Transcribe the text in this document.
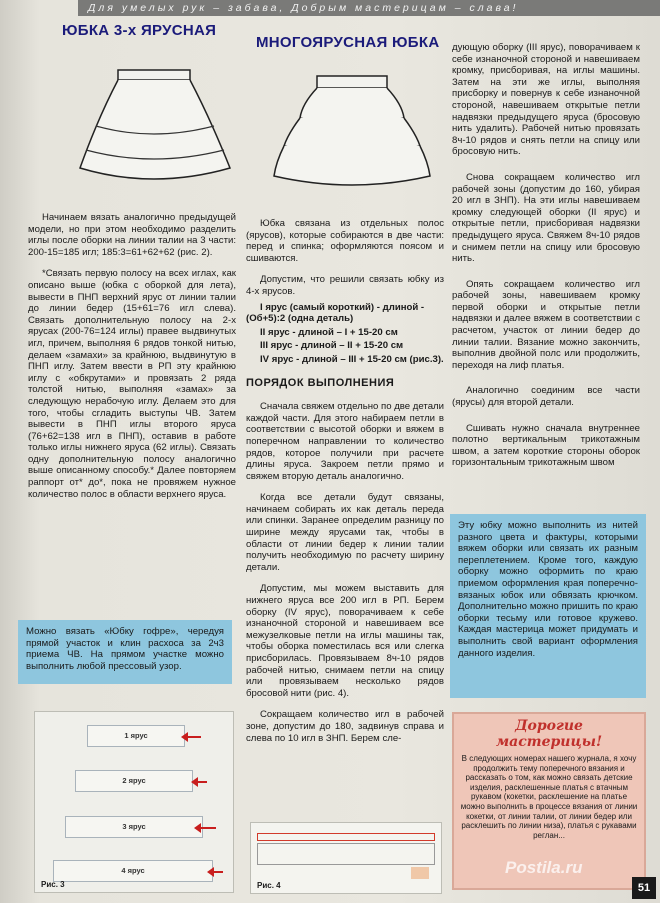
Для умелых рук – забава, Добрым мастерицам – слава!
ЮБКА 3-х ЯРУСНАЯ
МНОГОЯРУСНАЯ ЮБКА

Начинаем вязать аналогично предыдущей модели, но при этом необходимо разделить иглы после оборки на линии талии на 3 части: 200-15=185 игл; 185:3=61+62+62 (рис. 2).

*Связать первую полосу на всех иглах, как описано выше (юбка с оборкой для лета), вывести в ПНП верхний ярус от линии талии до линии бедер (15+61=76 игл слева). Связать дополнительную полосу на 2-х ярусах (200-76=124 иглы) правее выдвинутых игл, причем, выполняя 6 рядов тонкой нитью, делаем «замахи» за крайнюю, выдвинутую в ПНП иглу. Затем ввести в РП эту крайнюю иглу с «обкрутами» и провязать 2 ряда толстой нитью, выполняя «замах» за следующую нерабочую иглу. Делаем это для того, чтобы сгладить выступы ЧВ. Затем вывести в ПНП иглы второго яруса (76+62=138 игл в ПНП), оставив в работе только иглы нижнего яруса (62 иглы). Связать одну дополнительную полосу аналогично выше описанному способу.* Далее повторяем раппорт от* до*, пока не провяжем нужное количество полос в области верхнего яруса.

Можно вязать «Юбку гофре», чередуя прямой участок и клин расхоса за 2ч3 приема ЧВ. На прямом участке можно выполнить любой прессовый узор.
1 ярус
2 ярус
3 ярус
4 ярус
Рис. 3

Юбка связана из отдельных полос (ярусов), которые собираются в две части: перед и спинка; оформляются поясом и сшиваются.

Допустим, что решили связать юбку из 4-х ярусов.

I ярус (самый короткий) - длиной - (Об+5):2 (одна деталь)

II ярус - длиной – I + 15-20 см

III ярус - длиной – II + 15-20 см

IV ярус - длиной – III + 15-20 см (рис.3).

ПОРЯДОК ВЫПОЛНЕНИЯ

Сначала свяжем отдельно по две детали каждой части. Для этого набираем петли в соответствии с высотой оборки и вяжем в поперечном направлении то количество рядов, которое получили при расчете длины яруса. Закроем петли прямо и свяжем вторую деталь аналогично.

Когда все детали будут связаны, начинаем собирать их как деталь переда или спинки. Заранее определим разницу по ширине между ярусами так, чтобы в области от линии бедер к линии талии получить необходимую по расчету ширину детали.

Допустим, мы можем выставить для нижнего яруса все 200 игл в РП. Берем оборку (IV ярус), поворачиваем к себе изнаночной стороной и навешиваем все межузелковые петли на иглы машины так, чтобы оборка поместилась вся или слегка присборилась. Провязываем 8ч-10 рядов рабочей нитью, снимаем петли на спицу или провязываем несколько рядов бросовой нити (рис. 4).

Сокращаем количество игл в рабочей зоне, допустим до 180, задвинув справа и слева по 10 игл в ЗНП. Берем сле-

Рис. 4

дующую оборку (III ярус), поворачиваем к себе изнаночной стороной и навешиваем кромку, присборивая, на иглы машины. Затем на эти же иглы, выполняя присборку и повернув к себе изнаночной стороной, навешиваем открытые петли надвязки предыдущего яруса (бросовую нить удалить). Рабочей нитью провязать 8ч-10 рядов и снять петли на спицу или бросовую нить.

Снова сокращаем количество игл рабочей зоны (допустим до 160, убирая 20 игл в ЗНП). На эти иглы навешиваем кромку следующей оборки (II ярус) и открытые петли, присборивая надвязки предыдущего яруса. Свяжем 8ч-10 рядов и снимем петли на спицу или бросовую нить.

Опять сокращаем количество игл рабочей зоны, навешиваем кромку первой оборки и открытые петли надвязки и далее вяжем в соответствии с расчетом, участок от линии бедер до линии талии. Вязание можно закончить, выполнив двойной полс или продолжить, переходя на лиф платья.

Аналогично соединим все части (ярусы) для второй детали.

Сшивать нужно сначала внутреннее полотно вертикальным трикотажным швом, а затем короткие стороны оборок горизонтальным трикотажным швом

Эту юбку можно выполнить из нитей разного цвета и фактуры, которыми вяжем оборки или связать их разным переплетением. Кроме того, каждую оборку можно оформить по краю приемом оформления края поперечно-вязаных юбок или обвязать крючком. Дополнительно можно пришить по краю оборки тесьму или готовое кружево. Каждая мастерица может придумать и выполнить свой вариант оформления данного изделия.
Дорогие мастерицы!

В следующих номерах нашего журнала, я хочу продолжить тему поперечного вязания и рассказать о том, как можно связать детские изделия, расклешенные платья с втачным рукавом (кокетки, расклешение на платье можно выполнить в процессе вязания от линии кокетки, от линии талии, от линии бедер или расклешить по линии низа), платья с рукавами реглан...

Postila.ru
51
